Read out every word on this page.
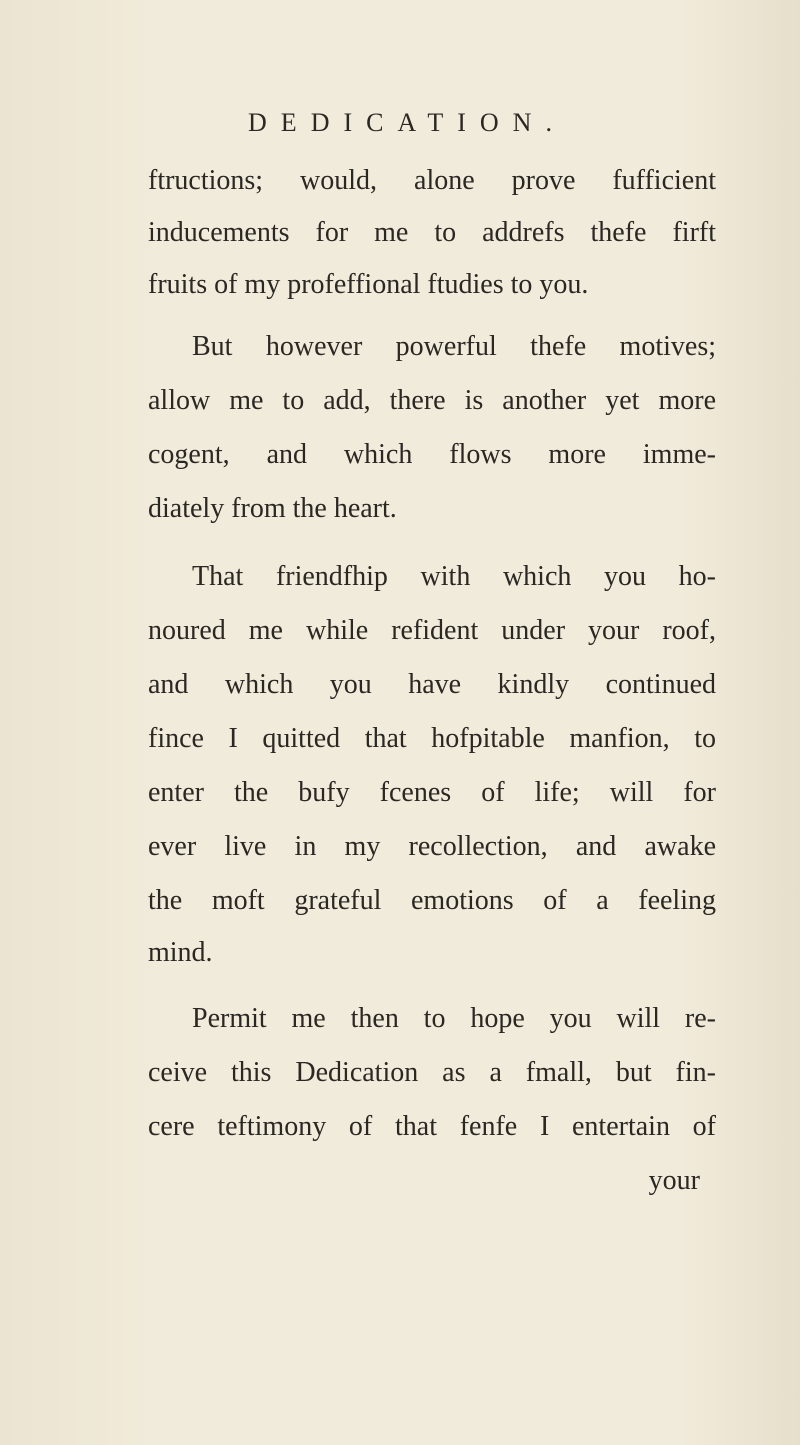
DEDICATION.
ftructions; would, alone prove fufficient
inducements for me to addrefs thefe firft
fruits of my profeffional ftudies to you.
But however powerful thefe motives;
allow me to add, there is another yet more
cogent, and which flows more imme-
diately from the heart.
That friendfhip with which you ho-
noured me while refident under your roof,
and which you have kindly continued
fince I quitted that hofpitable manfion, to
enter the bufy fcenes of life; will for
ever live in my recollection, and awake
the moft grateful emotions of a feeling
mind.
Permit me then to hope you will re-
ceive this Dedication as a fmall, but fin-
cere teftimony of that fenfe I entertain of
your
